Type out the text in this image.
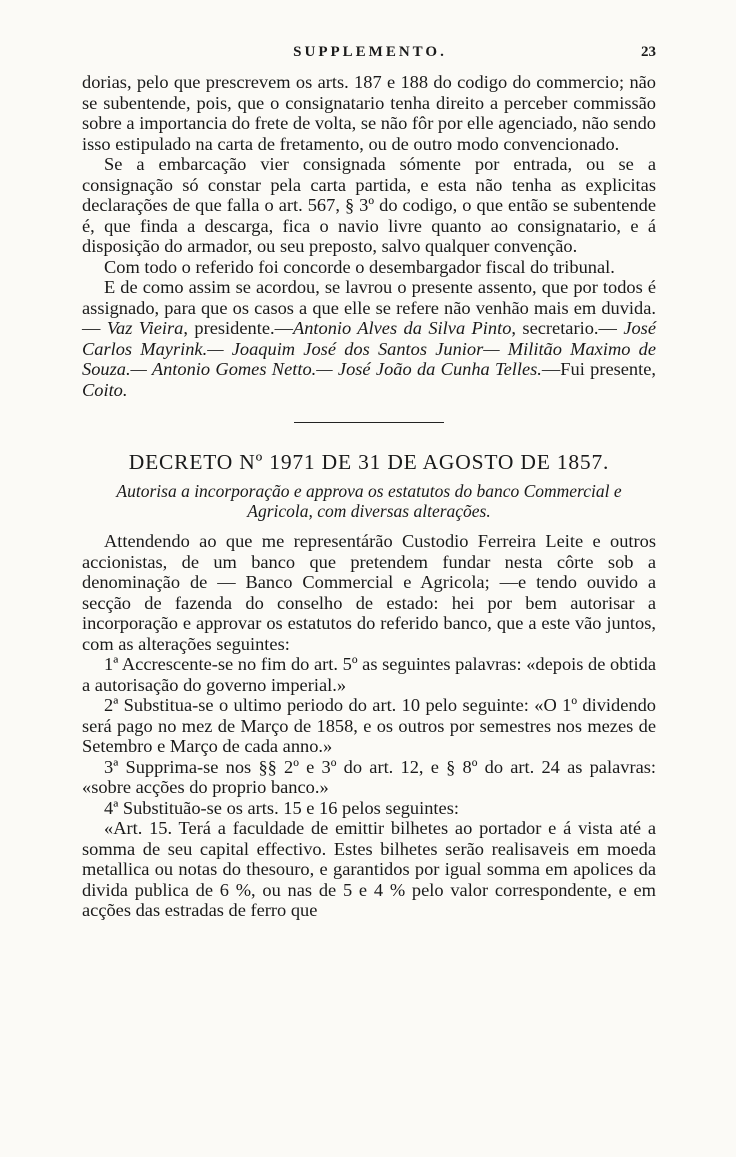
SUPPLEMENTO.	23

dorias, pelo que prescrevem os arts. 187 e 188 do codigo do commercio; não se subentende, pois, que o consignatario tenha direito a perceber commissão sobre a importancia do frete de volta, se não fôr por elle agenciado, não sendo isso estipulado na carta de fretamento, ou de outro modo convencionado.

Se a embarcação vier consignada sómente por entrada, ou se a consignação só constar pela carta partida, e esta não tenha as explicitas declarações de que falla o art. 567, § 3º do codigo, o que então se subentende é, que finda a descarga, fica o navio livre quanto ao consignatario, e á disposição do armador, ou seu preposto, salvo qualquer convenção.

Com todo o referido foi concorde o desembargador fiscal do tribunal.

E de como assim se acordou, se lavrou o presente assento, que por todos é assignado, para que os casos a que elle se refere não venhão mais em duvida.— Vaz Vieira, presidente.—Antonio Alves da Silva Pinto, secretario.— José Carlos Mayrink.— Joaquim José dos Santos Junior— Militão Maximo de Souza.— Antonio Gomes Netto.— José João da Cunha Telles.—Fui presente, Coito.

DECRETO Nº 1971 DE 31 DE AGOSTO DE 1857.
Autorisa a incorporação e approva os estatutos do banco Commercial e Agricola, com diversas alterações.

Attendendo ao que me representárão Custodio Ferreira Leite e outros accionistas, de um banco que pretendem fundar nesta côrte sob a denominação de — Banco Commercial e Agricola; —e tendo ouvido a secção de fazenda do conselho de estado: hei por bem autorisar a incorporação e approvar os estatutos do referido banco, que a este vão juntos, com as alterações seguintes:

1ª Accrescente-se no fim do art. 5º as seguintes palavras: «depois de obtida a autorisação do governo imperial.»

2ª Substitua-se o ultimo periodo do art. 10 pelo seguinte: «O 1º dividendo será pago no mez de Março de 1858, e os outros por semestres nos mezes de Setembro e Março de cada anno.»

3ª Supprima-se nos §§ 2º e 3º do art. 12, e § 8º do art. 24 as palavras: «sobre acções do proprio banco.»

4ª Substituão-se os arts. 15 e 16 pelos seguintes:

«Art. 15. Terá a faculdade de emittir bilhetes ao portador e á vista até a somma de seu capital effectivo. Estes bilhetes serão realisaveis em moeda metallica ou notas do thesouro, e garantidos por igual somma em apolices da divida publica de 6 %, ou nas de 5 e 4 % pelo valor correspondente, e em acções das estradas de ferro que
